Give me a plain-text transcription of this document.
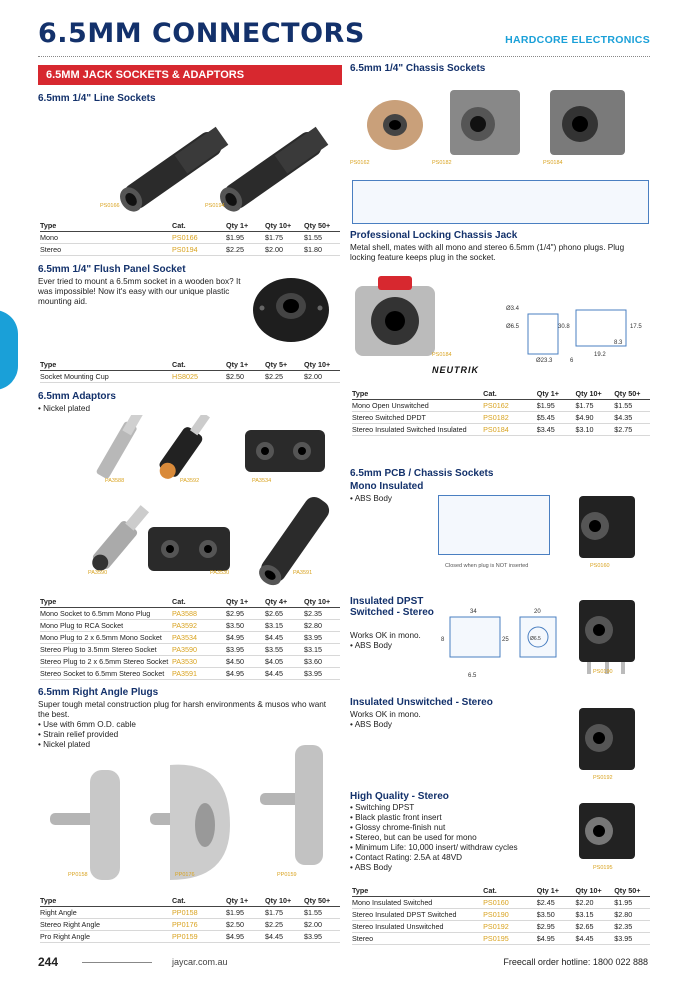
6.5MM CONNECTORS	HARDCORE ELECTRONICS
6.5MM JACK SOCKETS & ADAPTORS
6.5mm 1/4" Line Sockets
PS0166	PS0194
Type	Cat.	Qty 1+	Qty 10+	Qty 50+
Mono	PS0166	$1.95	$1.75	$1.55
Stereo	PS0194	$2.25	$2.00	$1.80
6.5mm 1/4" Flush Panel Socket
Ever tried to mount a 6.5mm socket in a wooden box? It was impossible! Now it's easy with our unique plastic mounting aid.
Type	Cat.	Qty 1+	Qty 5+	Qty 10+
Socket Mounting Cup	HS8025	$2.50	$2.25	$2.00
6.5mm Adaptors
• Nickel plated
PA3588	PA3592	PA3534
PA3590	PA3530	PA3591
Type	Cat.	Qty 1+	Qty 4+	Qty 10+
Mono Socket to 6.5mm Mono Plug	PA3588	$2.95	$2.65	$2.35
Mono Plug to RCA Socket	PA3592	$3.50	$3.15	$2.80
Mono Plug to 2 x 6.5mm Mono Socket	PA3534	$4.95	$4.45	$3.95
Stereo Plug to 3.5mm Stereo Socket	PA3590	$3.95	$3.55	$3.15
Stereo Plug to 2 x 6.5mm Stereo Socket	PA3530	$4.50	$4.05	$3.60
Stereo Socket to 6.5mm Stereo Socket	PA3591	$4.95	$4.45	$3.95
6.5mm Right Angle Plugs
Super tough metal construction plug for harsh environments & musos who want the best.
• Use with 6mm O.D. cable
• Strain relief provided
• Nickel plated
PP0158	PP0176	PP0159
Type	Cat.	Qty 1+	Qty 10+	Qty 50+
Right Angle	PP0158	$1.95	$1.75	$1.55
Stereo Right Angle	PP0176	$2.50	$2.25	$2.00
Pro Right Angle	PP0159	$4.95	$4.45	$3.95
6.5mm 1/4" Chassis Sockets
PS0162	PS0182	PS0184
Professional Locking Chassis Jack
Metal shell, mates with all mono and stereo 6.5mm (1/4") phono plugs. Plug locking feature keeps plug in the socket.
PS0184
NEUTRIK
Ø3.4
Ø6.5	30.8	17.5
8.3
19.2
Ø23.3	6
Type	Cat.	Qty 1+	Qty 10+	Qty 50+
Mono Open Unswitched	PS0162	$1.95	$1.75	$1.55
Stereo Switched DPDT	PS0182	$5.45	$4.90	$4.35
Stereo Insulated Switched Insulated	PS0184	$3.45	$3.10	$2.75
6.5mm PCB / Chassis Sockets
Mono Insulated
• ABS Body
Closed when plug is NOT inserted	PS0160
Insulated DPST Switched - Stereo
Works OK in mono.
• ABS Body
34	20
25
8
6.5
Ø6.5
PS0190
Insulated Unswitched - Stereo
Works OK in mono.
• ABS Body
PS0192
High Quality - Stereo
• Switching DPST
• Black plastic front insert
• Glossy chrome-finish nut
• Stereo, but can be used for mono
• Minimum Life: 10,000 insert/ withdraw cycles
• Contact Rating: 2.5A at 48VD
• ABS Body	PS0195
Type	Cat.	Qty 1+	Qty 10+	Qty 50+
Mono Insulated Switched	PS0160	$2.45	$2.20	$1.95
Stereo Insulated DPST Switched	PS0190	$3.50	$3.15	$2.80
Stereo Insulated Unswitched	PS0192	$2.95	$2.65	$2.35
Stereo	PS0195	$4.95	$4.45	$3.95
244	jaycar.com.au	Freecall order hotline: 1800 022 888
